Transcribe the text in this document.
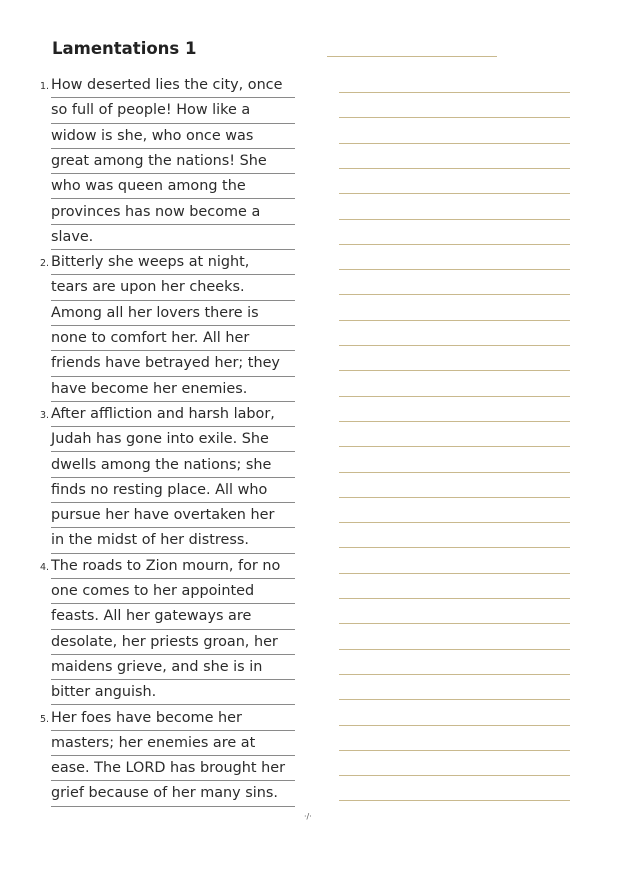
Lamentations 1
1. How deserted lies the city, once
so full of people! How like a
widow is she, who once was
great among the nations! She
who was queen among the
provinces has now become a
slave.
2. Bitterly she weeps at night,
tears are upon her cheeks.
Among all her lovers there is
none to comfort her. All her
friends have betrayed her; they
have become her enemies.
3. After affliction and harsh labor,
Judah has gone into exile. She
dwells among the nations; she
finds no resting place. All who
pursue her have overtaken her
in the midst of her distress.
4. The roads to Zion mourn, for no
one comes to her appointed
feasts. All her gateways are
desolate, her priests groan, her
maidens grieve, and she is in
bitter anguish.
5. Her foes have become her
masters; her enemies are at
ease. The LORD has brought her
grief because of her many sins.
·/·
